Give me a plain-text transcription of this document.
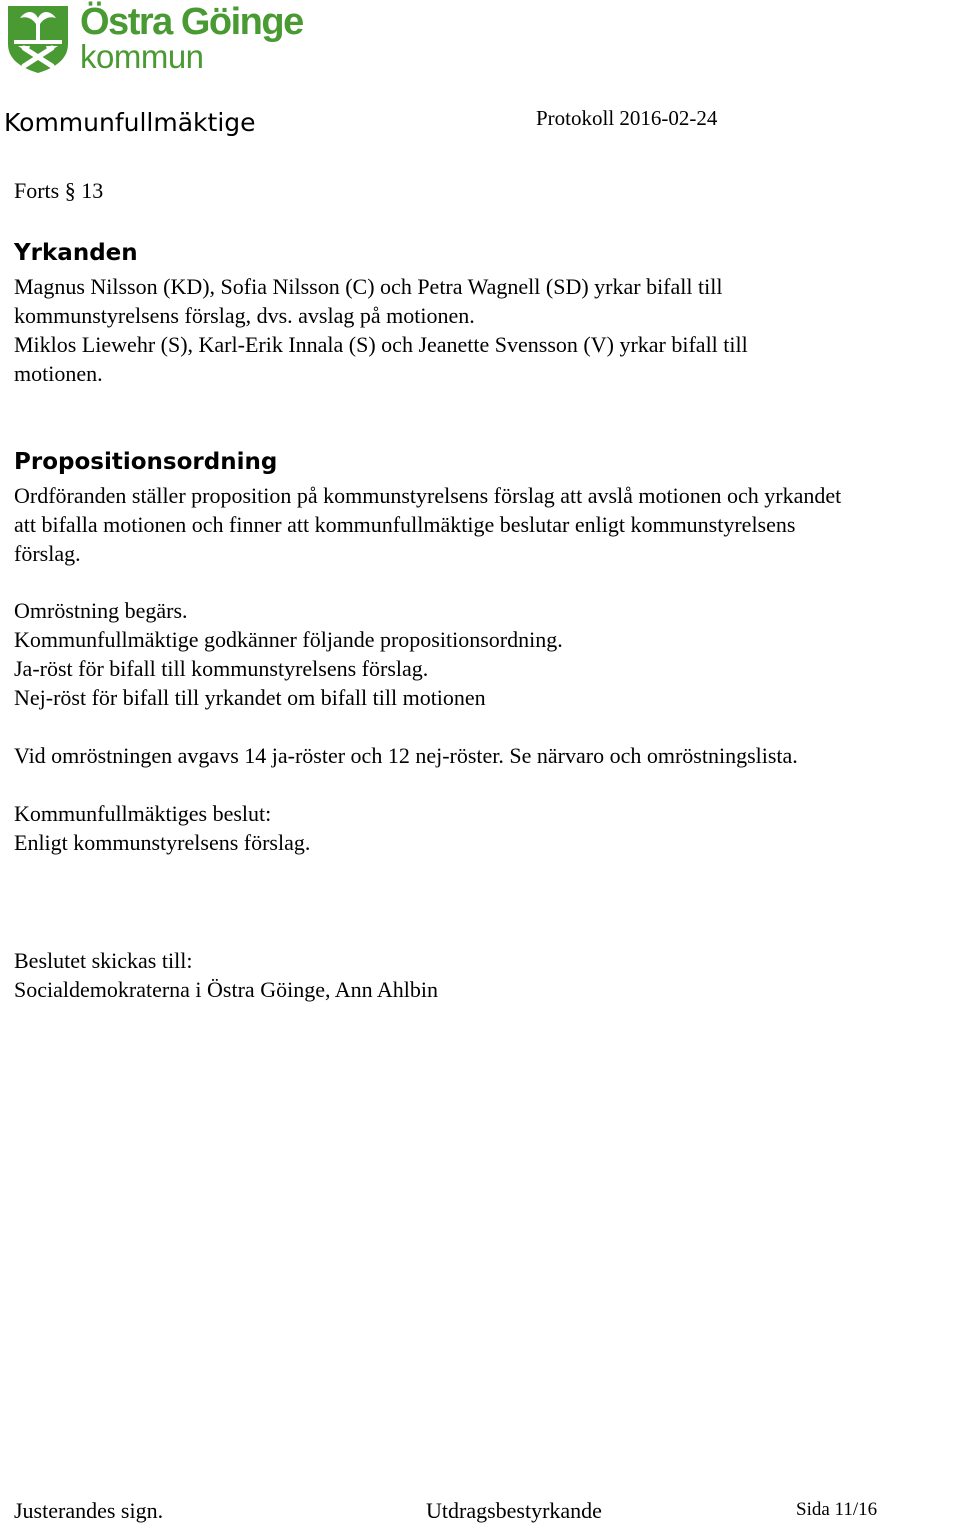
Östra Göinge
kommun
Kommunfullmäktige	Protokoll 2016-02-24
Forts § 13
Yrkanden
Magnus Nilsson (KD), Sofia Nilsson (C) och Petra Wagnell (SD) yrkar bifall till
kommunstyrelsens förslag, dvs. avslag på motionen.
Miklos Liewehr (S), Karl-Erik Innala (S) och Jeanette Svensson (V) yrkar bifall till
motionen.
Propositionsordning
Ordföranden ställer proposition på kommunstyrelsens förslag att avslå motionen och yrkandet
att bifalla motionen och finner att kommunfullmäktige beslutar enligt kommunstyrelsens
förslag.
Omröstning begärs.
Kommunfullmäktige godkänner följande propositionsordning.
Ja-röst för bifall till kommunstyrelsens förslag.
Nej-röst för bifall till yrkandet om bifall till motionen
Vid omröstningen avgavs 14 ja-röster och 12 nej-röster. Se närvaro och omröstningslista.
Kommunfullmäktiges beslut:
Enligt kommunstyrelsens förslag.
Beslutet skickas till:
Socialdemokraterna i Östra Göinge, Ann Ahlbin
Justerandes sign.	Utdragsbestyrkande	Sida 11/16
